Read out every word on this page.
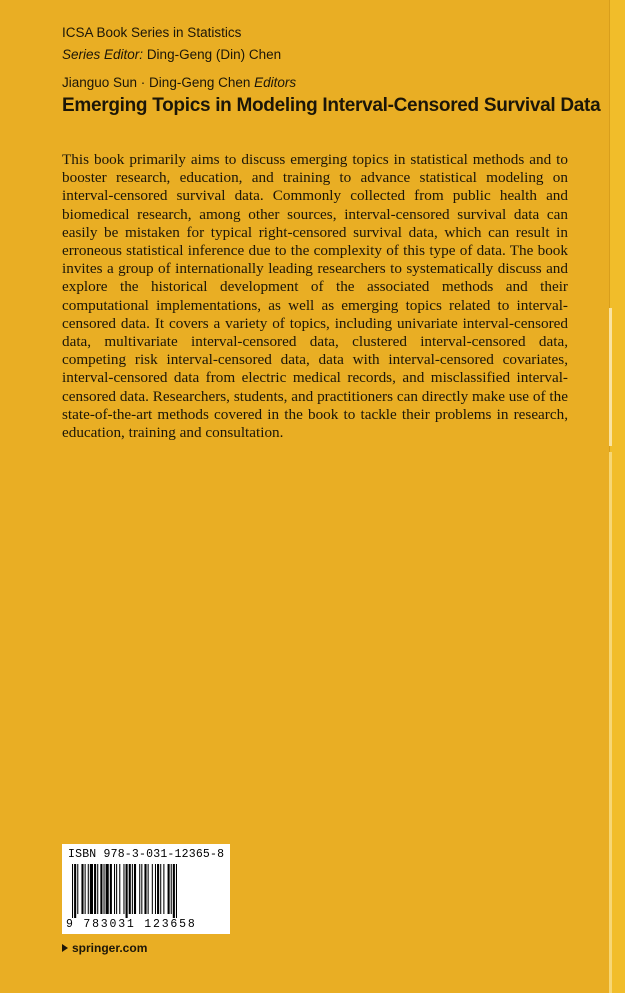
ICSA Book Series in Statistics
Series Editor: Ding-Geng (Din) Chen
Jianguo Sun · Ding-Geng Chen Editors
Emerging Topics in Modeling Interval-Censored Survival Data

This book primarily aims to discuss emerging topics in statistical methods and to booster research, education, and training to advance statistical modeling on interval-censored survival data. Commonly collected from public health and biomedical research, among other sources, interval-censored survival data can easily be mistaken for typical right-censored survival data, which can result in erroneous statistical inference due to the complexity of this type of data. The book invites a group of internationally leading researchers to systematically discuss and explore the historical development of the associated methods and their computational implementations, as well as emerging topics related to interval-censored data. It covers a variety of topics, including univariate interval-censored data, multivariate interval-censored data, clustered interval-censored data, competing risk interval-censored data, data with interval-censored covariates, interval-censored data from electric medical records, and misclassified interval-censored data. Researchers, students, and practitioners can directly make use of the state-of-the-art methods covered in the book to tackle their problems in research, education, training and consultation.

ISBN 978-3-031-12365-8
9 783031 123658
springer.com
